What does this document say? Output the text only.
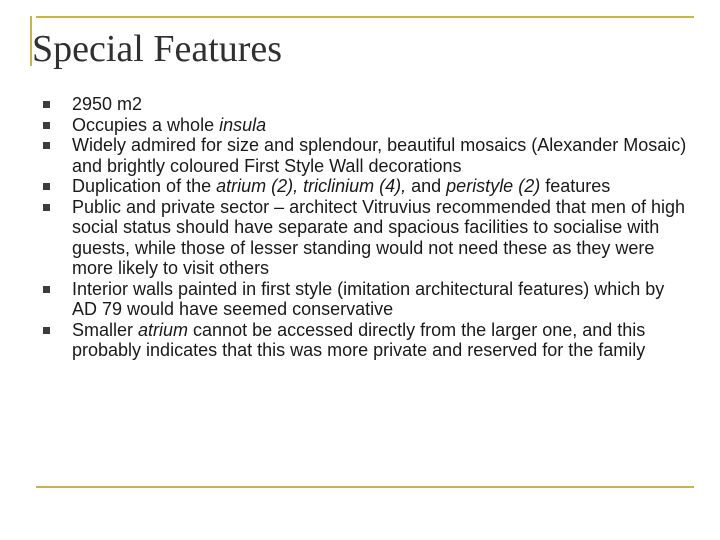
Special Features
2950 m2
Occupies a whole insula
Widely admired for size and splendour, beautiful mosaics (Alexander Mosaic) and brightly coloured First Style Wall decorations
Duplication of the atrium (2), triclinium (4), and peristyle (2) features
Public and private sector – architect Vitruvius recommended that men of high social status should have separate and spacious facilities to socialise with guests, while those of lesser standing would not need these as they were more likely to visit others
Interior walls painted in first style (imitation architectural features) which by AD 79 would have seemed conservative
Smaller atrium cannot be accessed directly from the larger one, and this probably indicates that this was more private and reserved for the family
